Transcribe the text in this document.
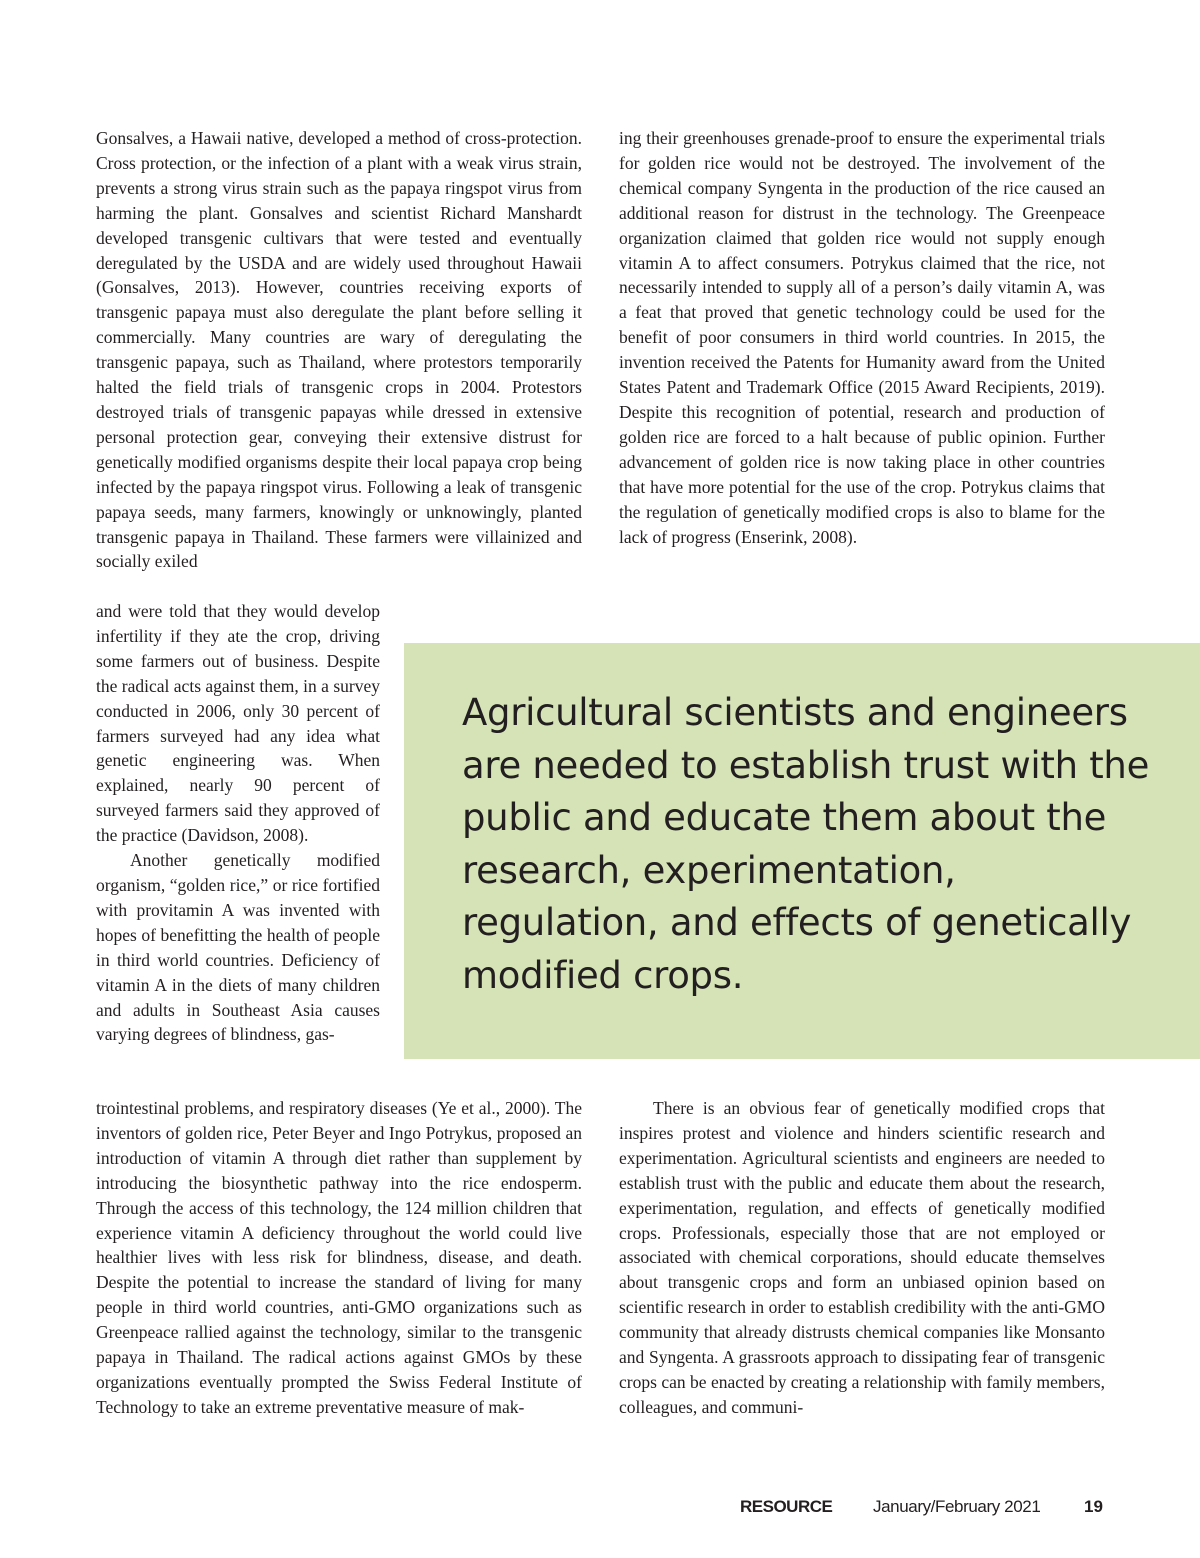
Gonsalves, a Hawaii native, developed a method of cross-protection. Cross protection, or the infection of a plant with a weak virus strain, prevents a strong virus strain such as the papaya ringspot virus from harming the plant. Gonsalves and scientist Richard Manshardt developed transgenic cultivars that were tested and eventually deregulated by the USDA and are widely used throughout Hawaii (Gonsalves, 2013). However, countries receiving exports of transgenic papaya must also deregulate the plant before selling it commercially. Many countries are wary of deregulating the transgenic papaya, such as Thailand, where protestors temporarily halted the field trials of transgenic crops in 2004. Protestors destroyed trials of transgenic papayas while dressed in extensive personal protection gear, conveying their extensive distrust for genetically modified organisms despite their local papaya crop being infected by the papaya ringspot virus. Following a leak of transgenic papaya seeds, many farmers, knowingly or unknowingly, planted transgenic papaya in Thailand. These farmers were villainized and socially exiled

and were told that they would develop infertility if they ate the crop, driving some farmers out of business. Despite the radical acts against them, in a survey conducted in 2006, only 30 percent of farmers surveyed had any idea what genetic engineering was. When explained, nearly 90 percent of surveyed farmers said they approved of the practice (Davidson, 2008).

Another genetically modified organism, “golden rice,” or rice fortified with provitamin A was invented with hopes of benefitting the health of people in third world countries. Deficiency of vitamin A in the diets of many children and adults in Southeast Asia causes varying degrees of blindness, gas-

trointestinal problems, and respiratory diseases (Ye et al., 2000). The inventors of golden rice, Peter Beyer and Ingo Potrykus, proposed an introduction of vitamin A through diet rather than supplement by introducing the biosynthetic pathway into the rice endosperm. Through the access of this technology, the 124 million children that experience vitamin A deficiency throughout the world could live healthier lives with less risk for blindness, disease, and death. Despite the potential to increase the standard of living for many people in third world countries, anti-GMO organizations such as Greenpeace rallied against the technology, similar to the transgenic papaya in Thailand. The radical actions against GMOs by these organizations eventually prompted the Swiss Federal Institute of Technology to take an extreme preventative measure of mak-

ing their greenhouses grenade-proof to ensure the experimental trials for golden rice would not be destroyed. The involvement of the chemical company Syngenta in the production of the rice caused an additional reason for distrust in the technology. The Greenpeace organization claimed that golden rice would not supply enough vitamin A to affect consumers. Potrykus claimed that the rice, not necessarily intended to supply all of a person’s daily vitamin A, was a feat that proved that genetic technology could be used for the benefit of poor consumers in third world countries. In 2015, the invention received the Patents for Humanity award from the United States Patent and Trademark Office (2015 Award Recipients, 2019). Despite this recognition of potential, research and production of golden rice are forced to a halt because of public opinion. Further advancement of golden rice is now taking place in other countries that have more potential for the use of the crop. Potrykus claims that the regulation of genetically modified crops is also to blame for the lack of progress (Enserink, 2008).

There is an obvious fear of genetically modified crops that inspires protest and violence and hinders scientific research and experimentation. Agricultural scientists and engineers are needed to establish trust with the public and educate them about the research, experimentation, regulation, and effects of genetically modified crops. Professionals, especially those that are not employed or associated with chemical corporations, should educate themselves about transgenic crops and form an unbiased opinion based on scientific research in order to establish credibility with the anti-GMO community that already distrusts chemical companies like Monsanto and Syngenta. A grassroots approach to dissipating fear of transgenic crops can be enacted by creating a relationship with family members, colleagues, and communi-

Agricultural scientists and engineers are needed to establish trust with the public and educate them about the research, experimentation, regulation, and effects of genetically modified crops.

RESOURCE January/February 2021	19
